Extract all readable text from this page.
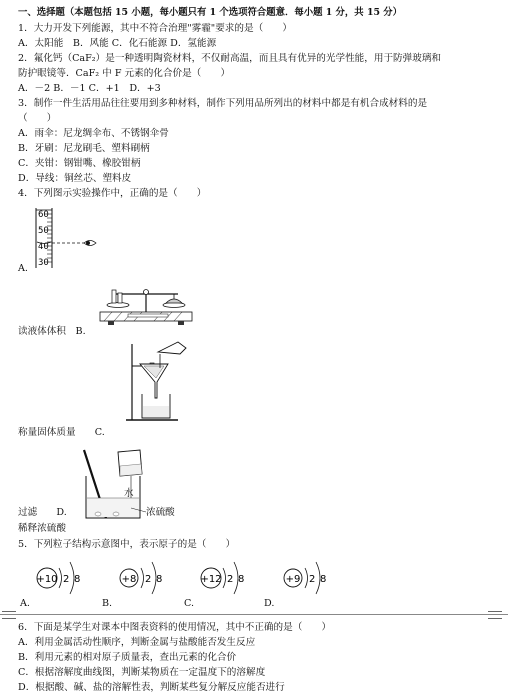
一、选择题（本题包括 15 小题，每小题只有 1 个选项符合题意．每小题 1 分，共 15 分）
1．大力开发下列能源，其中不符合治理"雾霾"要求的是（　　）
A．太阳能　B．风能 C．化石能源 D．氢能源
2．氟化钙（CaF₂）是一种透明陶瓷材料，不仅耐高温，而且具有优异的光学性能，用于防弹玻璃和
防护眼镜等．CaF₂ 中 F 元素的化合价是（　　）
A．－2 B．－1 C．+1　D．+3
3．制作一件生活用品往往要用到多种材料，制作下列用品所列出的材料中都是有机合成材料的是
（　　）
A．雨伞：尼龙绸伞布、不锈钢伞骨
B．牙刷：尼龙刷毛、塑料刷柄
C．夹钳：钢钳嘴、橡胶钳柄
D．导线：铜丝芯、塑料皮
4．下列图示实验操作中，正确的是（　　）
60
50
40
30
A.
读液体体积　B.
称量固体质量　　C.
水
浓硫酸
过滤　　D.
稀释浓硫酸
5．下列粒子结构示意图中，表示原子的是（　　）
+10 2 8	+8 2 8	+12 2 8	+9 2 8
A.	B.	C.	D.
6．下面是某学生对课本中图表资料的使用情况，其中不正确的是（　　）
A．利用金属活动性顺序，判断金属与盐酸能否发生反应
B．利用元素的相对原子质量表，查出元素的化合价
C．根据溶解度曲线图，判断某物质在一定温度下的溶解度
D．根据酸、碱、盐的溶解性表，判断某些复分解反应能否进行
